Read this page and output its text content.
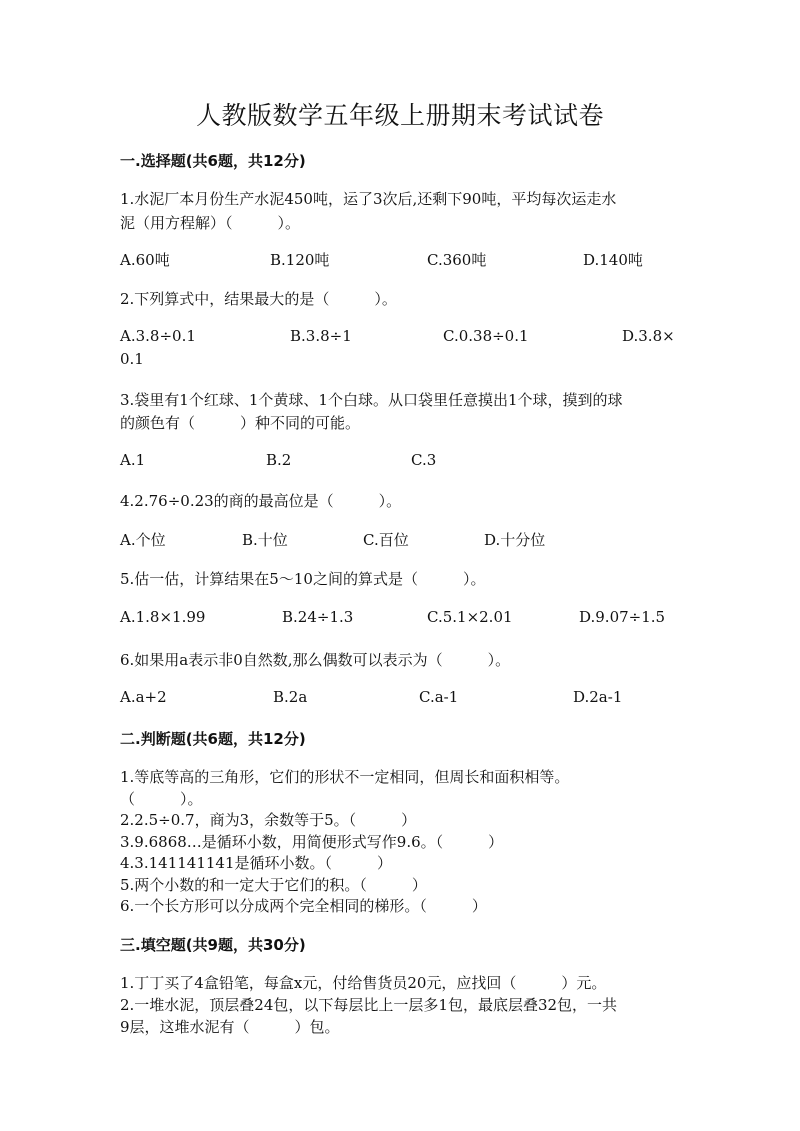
人教版数学五年级上册期末考试试卷
一.选择题(共6题，共12分)
1.水泥厂本月份生产水泥450吨，运了3次后,还剩下90吨，平均每次运走水
泥（用方程解）（　　　）。
A.60吨	B.120吨	C.360吨	D.140吨
2.下列算式中，结果最大的是（　　　）。
A.3.8÷0.1	B.3.8÷1	C.0.38÷0.1	D.3.8×
0.1
3.袋里有1个红球、1个黄球、1个白球。从口袋里任意摸出1个球，摸到的球
的颜色有（　　　）种不同的可能。
A.1	B.2	C.3
4.2.76÷0.23的商的最高位是（　　　）。
A.个位	B.十位	C.百位	D.十分位
5.估一估，计算结果在5～10之间的算式是（　　　）。
A.1.8×1.99	B.24÷1.3	C.5.1×2.01	D.9.07÷1.5
6.如果用a表示非0自然数,那么偶数可以表示为（　　　）。
A.a+2	B.2a	C.a-1	D.2a-1
二.判断题(共6题，共12分)
1.等底等高的三角形，它们的形状不一定相同，但周长和面积相等。
（　　　）。
2.2.5÷0.7，商为3，余数等于5。（　　　）
3.9.6868…是循环小数，用简便形式写作9.6。（　　　）
4.3.141141141是循环小数。（　　　）
5.两个小数的和一定大于它们的积。（　　　）
6.一个长方形可以分成两个完全相同的梯形。（　　　）
三.填空题(共9题，共30分)
1.丁丁买了4盒铅笔，每盒x元，付给售货员20元，应找回（　　　）元。
2.一堆水泥，顶层叠24包，以下每层比上一层多1包，最底层叠32包，一共
9层，这堆水泥有（　　　）包。
